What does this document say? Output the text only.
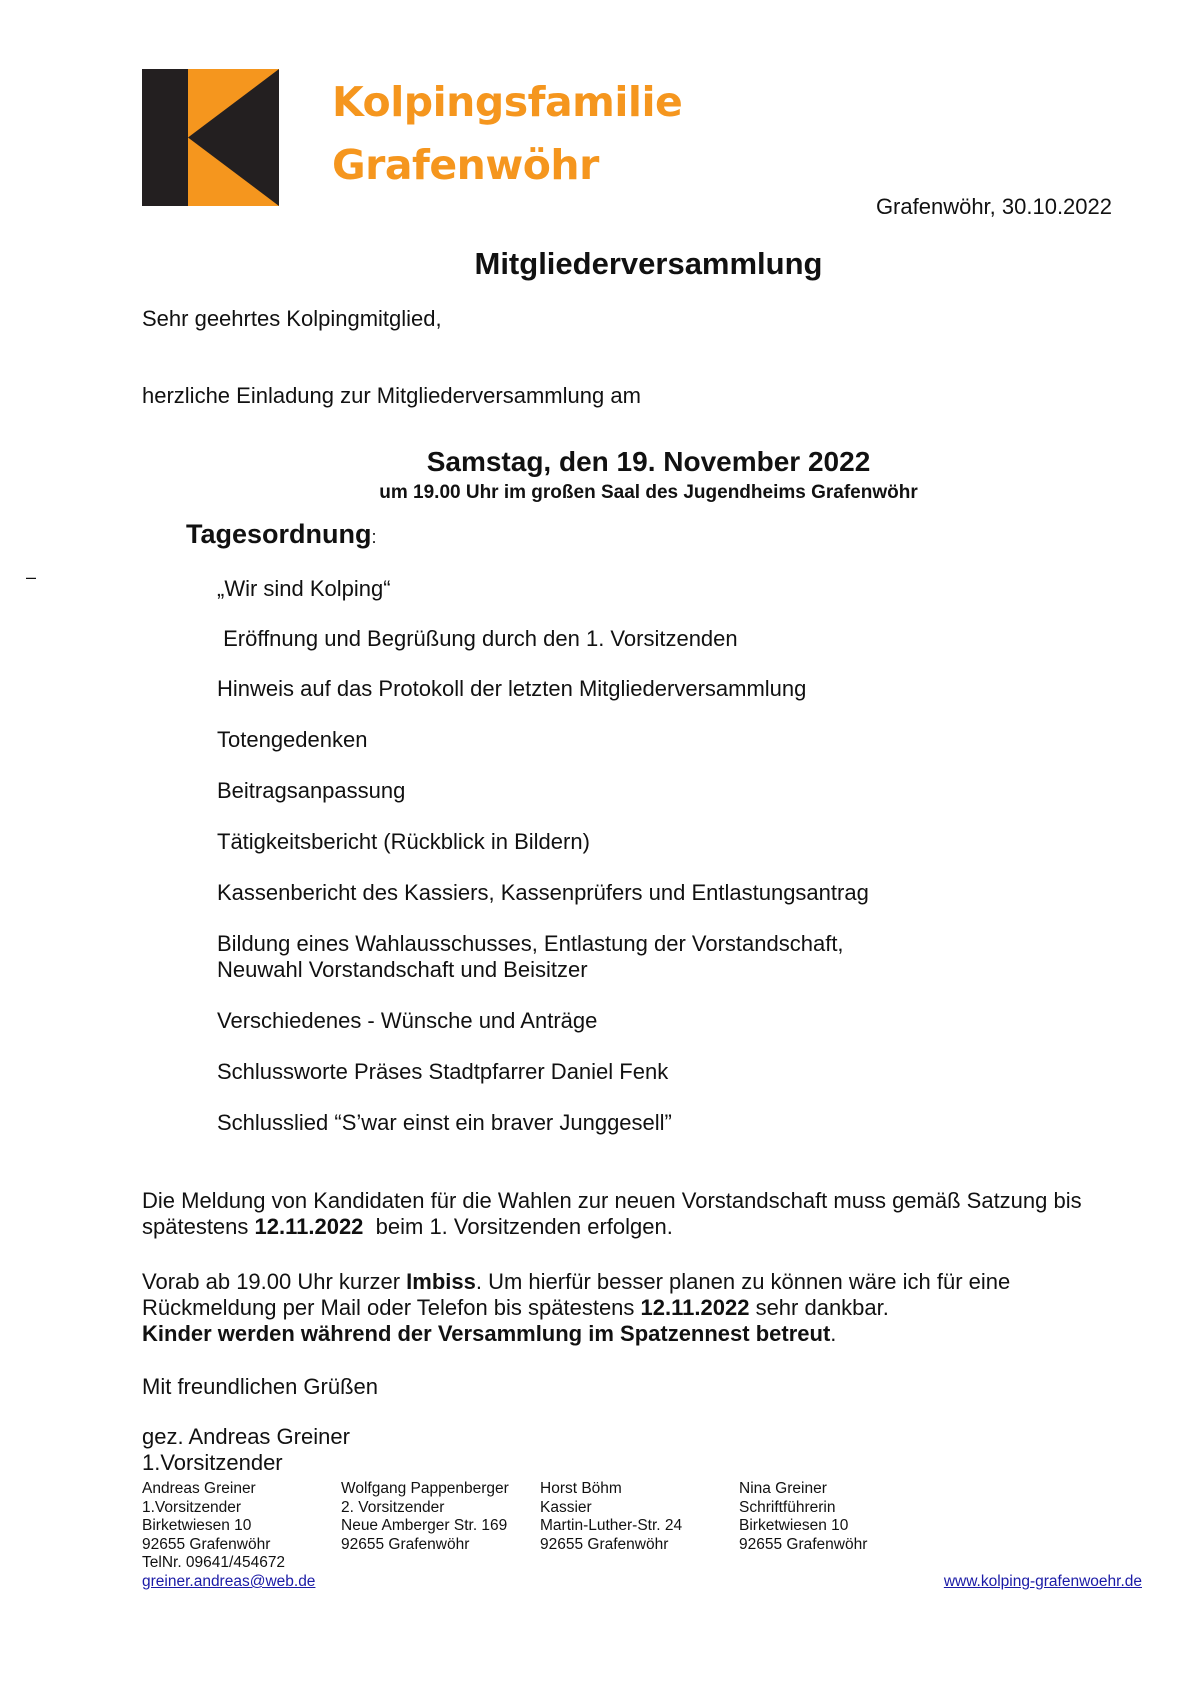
Kolpingsfamilie
Grafenwöhr
Grafenwöhr, 30.10.2022
Mitgliederversammlung
Sehr geehrtes Kolpingmitglied,
herzliche Einladung zur Mitgliederversammlung am
Samstag, den 19. November 2022
um 19.00 Uhr im großen Saal des Jugendheims Grafenwöhr
Tagesordnung:
–	„Wir sind Kolping“
Eröffnung und Begrüßung durch den 1. Vorsitzenden
Hinweis auf das Protokoll der letzten Mitgliederversammlung
Totengedenken
Beitragsanpassung
Tätigkeitsbericht (Rückblick in Bildern)
Kassenbericht des Kassiers, Kassenprüfers und Entlastungsantrag
Bildung eines Wahlausschusses, Entlastung der Vorstandschaft,
Neuwahl Vorstandschaft und Beisitzer
Verschiedenes - Wünsche und Anträge
Schlussworte Präses Stadtpfarrer Daniel Fenk
Schlusslied “S’war einst ein braver Junggesell”
Die Meldung von Kandidaten für die Wahlen zur neuen Vorstandschaft muss gemäß Satzung bis
spätestens 12.11.2022  beim 1. Vorsitzenden erfolgen.
Vorab ab 19.00 Uhr kurzer Imbiss. Um hierfür besser planen zu können wäre ich für eine
Rückmeldung per Mail oder Telefon bis spätestens 12.11.2022 sehr dankbar.
Kinder werden während der Versammlung im Spatzennest betreut.
Mit freundlichen Grüßen
gez. Andreas Greiner
1.Vorsitzender
Andreas Greiner
1.Vorsitzender
Birketwiesen 10
92655 Grafenwöhr
TelNr. 09641/454672
Wolfgang Pappenberger
2. Vorsitzender
Neue Amberger Str. 169
92655 Grafenwöhr
Horst Böhm
Kassier
Martin-Luther-Str. 24
92655 Grafenwöhr
Nina Greiner
Schriftführerin
Birketwiesen 10
92655 Grafenwöhr
greiner.andreas@web.de	www.kolping-grafenwoehr.de
